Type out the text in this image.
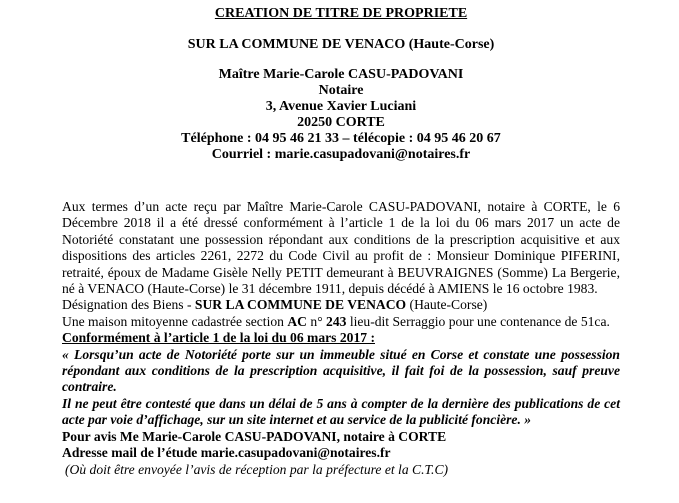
CREATION DE TITRE DE PROPRIETE
SUR LA COMMUNE DE VENACO (Haute-Corse)
Maître Marie-Carole CASU-PADOVANI
Notaire
3, Avenue Xavier Luciani
20250 CORTE
Téléphone : 04 95 46 21 33 – télécopie : 04 95 46 20 67
Courriel : marie.casupadovani@notaires.fr

Aux termes d’un acte reçu par Maître Marie-Carole CASU-PADOVANI, notaire à CORTE, le 6 Décembre 2018 il a été dressé conformément à l’article 1 de la loi du 06 mars 2017 un acte de Notoriété constatant une possession répondant aux conditions de la prescription acquisitive et aux dispositions des articles 2261, 2272 du Code Civil au profit de : Monsieur Dominique PIFERINI, retraité, époux de Madame Gisèle Nelly PETIT demeurant à BEUVRAIGNES (Somme) La Bergerie, né à VENACO (Haute-Corse) le 31 décembre 1911, depuis décédé à AMIENS le 16 octobre 1983.

Désignation des Biens - SUR LA COMMUNE DE VENACO (Haute-Corse)

Une maison mitoyenne cadastrée section AC n° 243 lieu-dit Serraggio pour une contenance de 51ca.

Conformément à l’article 1 de la loi du 06 mars 2017 :

« Lorsqu’un acte de Notoriété porte sur un immeuble situé en Corse et constate une possession répondant aux conditions de la prescription acquisitive, il fait foi de la possession, sauf preuve contraire.

Il ne peut être contesté que dans un délai de 5 ans à compter de la dernière des publications de cet acte par voie d’affichage, sur un site internet et au service de la publicité foncière. »

Pour avis Me Marie-Carole CASU-PADOVANI, notaire à CORTE

Adresse mail de l’étude marie.casupadovani@notaires.fr

(Où doit être envoyée l’avis de réception par la préfecture et la C.T.C)
